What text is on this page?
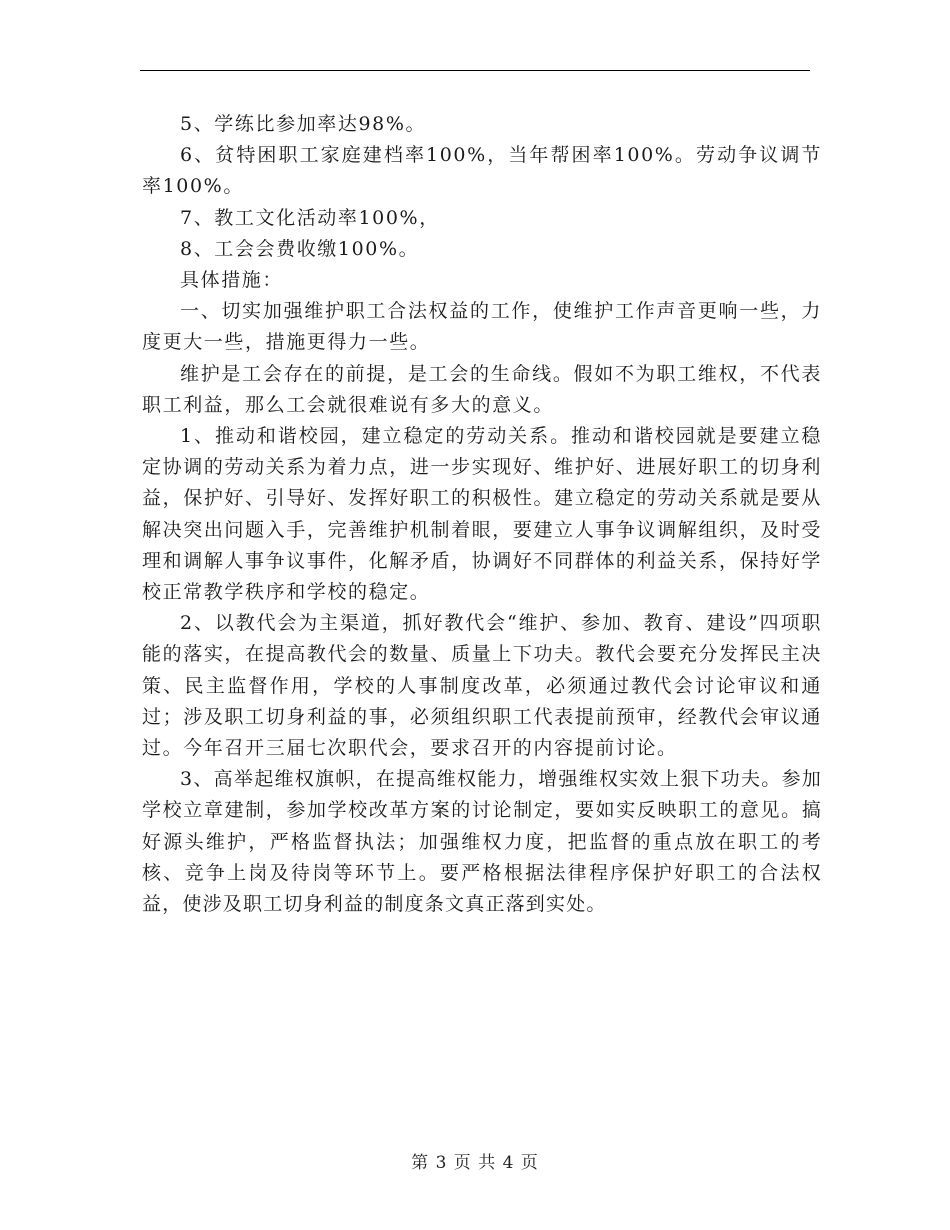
5、学练比参加率达98%。

6、贫特困职工家庭建档率100%，当年帮困率100%。劳动争议调节率100%。

7、教工文化活动率100%，

8、工会会费收缴100%。

具体措施：

一、切实加强维护职工合法权益的工作，使维护工作声音更响一些，力度更大一些，措施更得力一些。

维护是工会存在的前提，是工会的生命线。假如不为职工维权，不代表职工利益，那么工会就很难说有多大的意义。

1、推动和谐校园，建立稳定的劳动关系。推动和谐校园就是要建立稳定协调的劳动关系为着力点，进一步实现好、维护好、进展好职工的切身利益，保护好、引导好、发挥好职工的积极性。建立稳定的劳动关系就是要从解决突出问题入手，完善维护机制着眼，要建立人事争议调解组织，及时受理和调解人事争议事件，化解矛盾，协调好不同群体的利益关系，保持好学校正常教学秩序和学校的稳定。

2、以教代会为主渠道，抓好教代会“维护、参加、教育、建设”四项职能的落实，在提高教代会的数量、质量上下功夫。教代会要充分发挥民主决策、民主监督作用，学校的人事制度改革，必须通过教代会讨论审议和通过；涉及职工切身利益的事，必须组织职工代表提前预审，经教代会审议通过。今年召开三届七次职代会，要求召开的内容提前讨论。

3、高举起维权旗帜，在提高维权能力，增强维权实效上狠下功夫。参加学校立章建制，参加学校改革方案的讨论制定，要如实反映职工的意见。搞好源头维护，严格监督执法；加强维权力度，把监督的重点放在职工的考核、竞争上岗及待岗等环节上。要严格根据法律程序保护好职工的合法权益，使涉及职工切身利益的制度条文真正落到实处。

第 3 页 共 4 页
